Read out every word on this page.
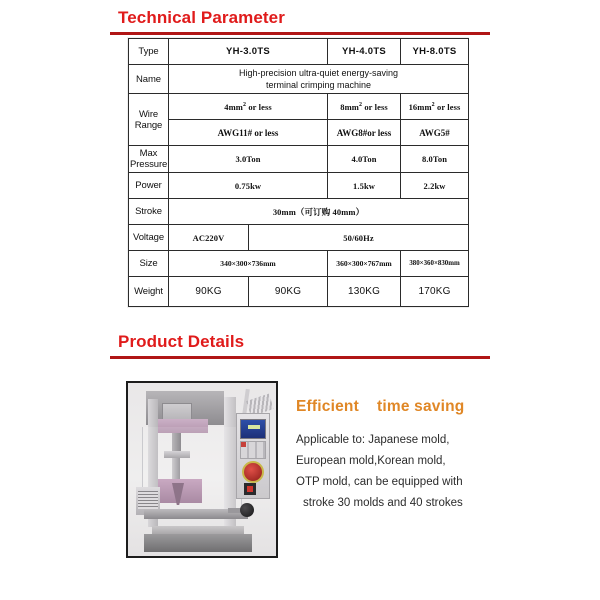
Technical Parameter
Type	YH-3.0TS		YH-4.0TS	YH-8.0TS
Name	High-precision ultra-quiet energy-saving
terminal crimping machine			
Wire
Range	$4mm^2$ or less		$8mm^2$ or less	$16mm^2$ or less
	AWG11# or less		AWG8#or less	AWG5#
Max
Pressure	3.0Ton		4.0Ton	8.0Ton
Power	0.75kw		1.5kw	2.2kw
Stroke	30mm（可订购 40mm）			
Voltage	AC220V	50/60Hz		
Size	340×300×736mm		360×300×767mm	380×360×830mm
Weight	90KG	90KG	130KG	170KG
Product Details
Efficient    time saving
Applicable to: Japanese mold,
European mold,Korean mold,
OTP mold, can be equipped with
stroke 30 molds and 40 strokes
